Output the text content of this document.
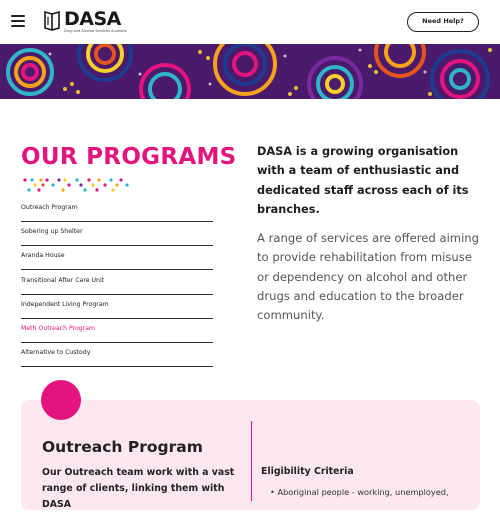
DASA
Drug and Alcohol Services Australia
Need Help?
OUR PROGRAMS
Outreach Program
Sobering up Shelter
Aranda House
Transitional After Care Unit
Independent Living Program
Meth Outreach Program
Alternative to Custody

DASA is a growing organisation with a team of enthusiastic and dedicated staff across each of its branches.

A range of services are offered aiming to provide rehabilitation from misuse or dependency on alcohol and other drugs and education to the broader community.

Outreach Program

Our Outreach team work with a vast range of clients, linking them with DASA

Eligibility Criteria

• Aboriginal people - working, unemployed,
